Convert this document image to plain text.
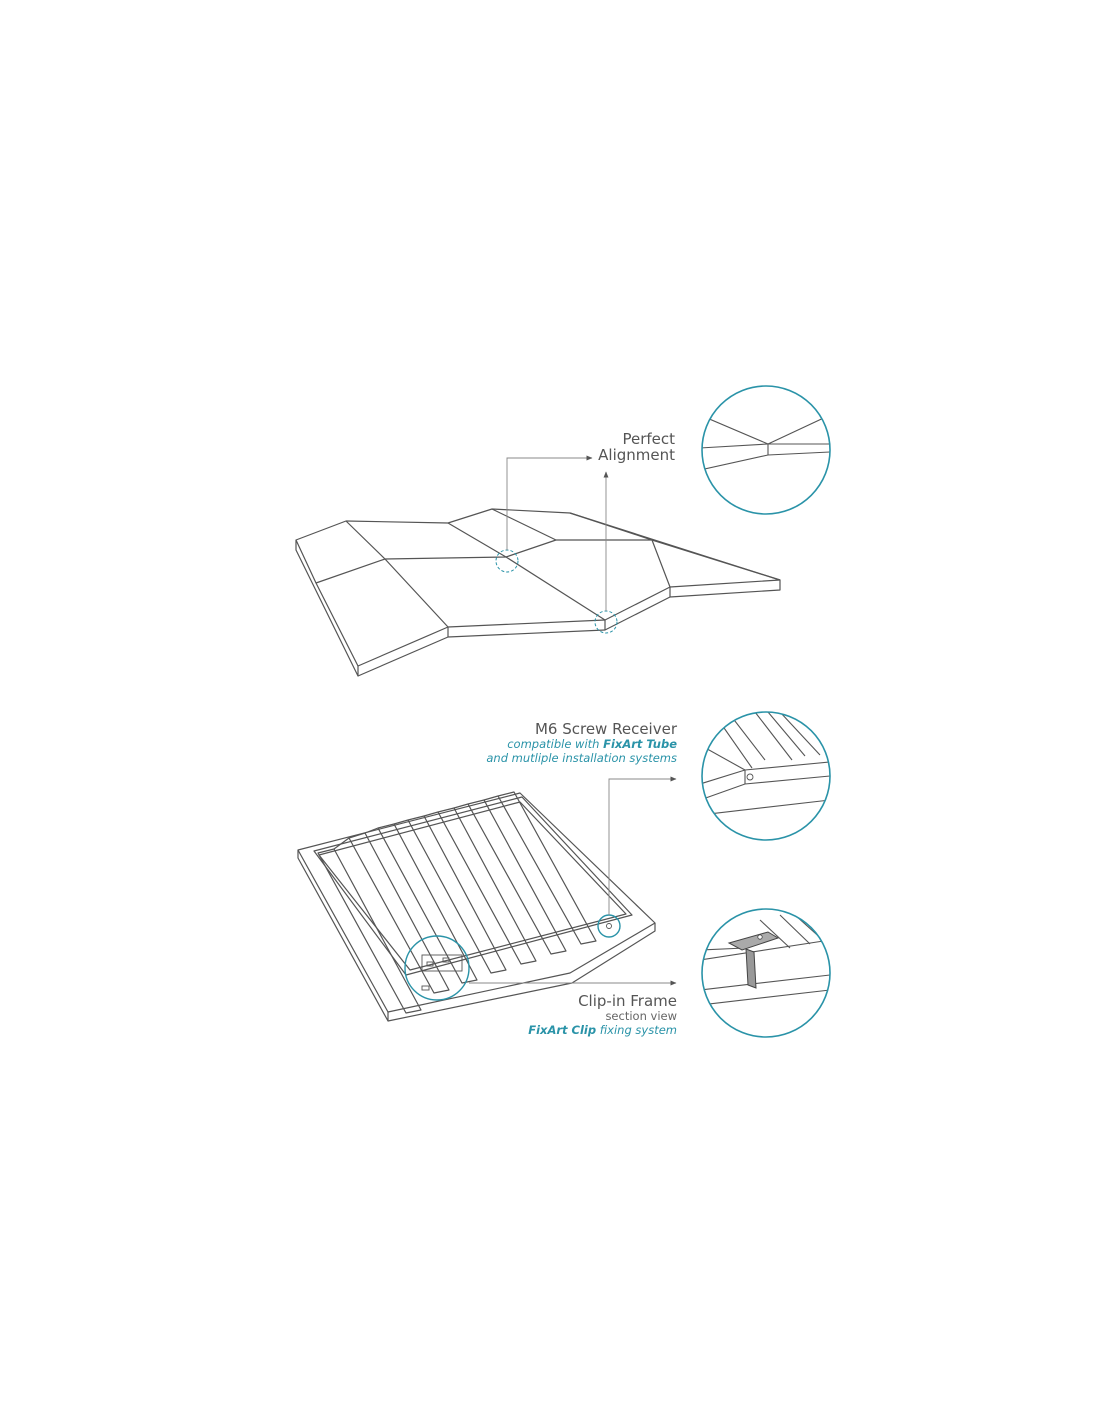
Perfect
Alignment
M6 Screw Receiver
compatible with FixArt Tube
and mutliple installation systems
Clip-in Frame
section view
FixArt Clip fixing system
